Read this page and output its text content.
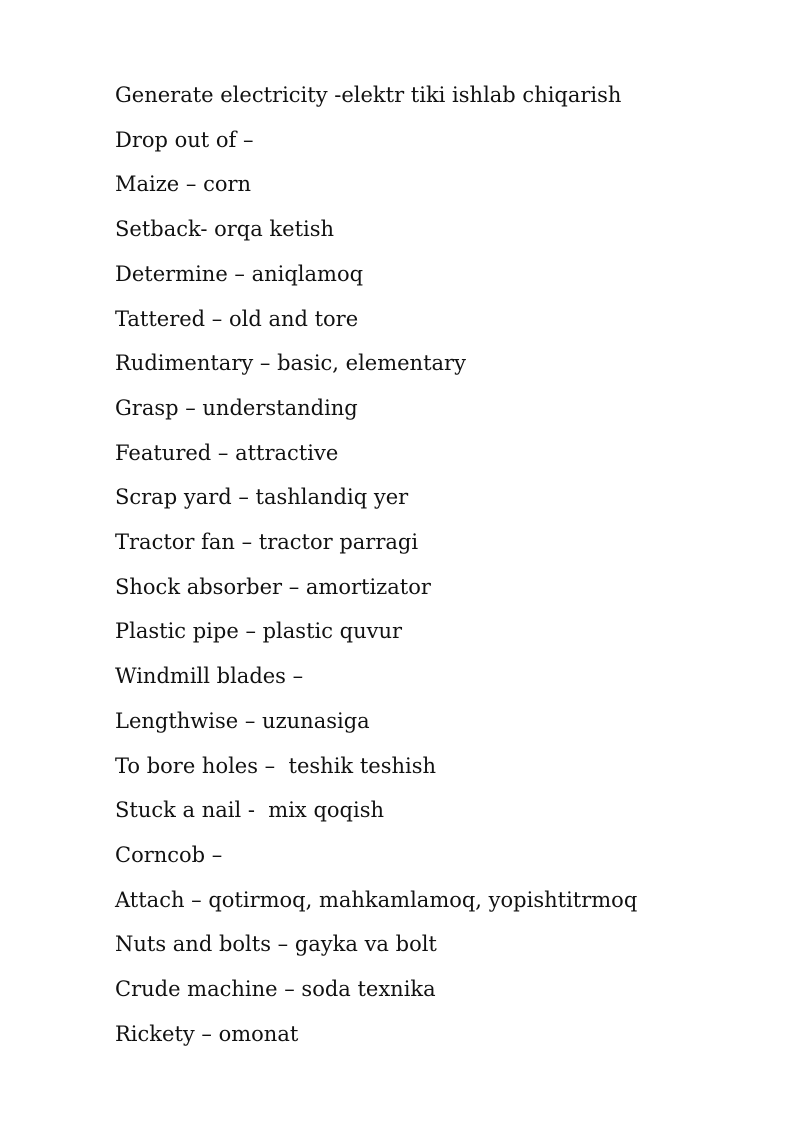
Generate electricity -elektr tiki ishlab chiqarish
Drop out of –
Maize – corn
Setback- orqa ketish
Determine – aniqlamoq
Tattered – old and tore
Rudimentary – basic, elementary
Grasp – understanding
Featured – attractive
Scrap yard – tashlandiq yer
Tractor fan – tractor parragi
Shock absorber – amortizator
Plastic pipe – plastic quvur
Windmill blades –
Lengthwise – uzunasiga
To bore holes –  teshik teshish
Stuck a nail -  mix qoqish
Corncob –
Attach – qotirmoq, mahkamlamoq, yopishtitrmoq
Nuts and bolts – gayka va bolt
Crude machine – soda texnika
Rickety – omonat
